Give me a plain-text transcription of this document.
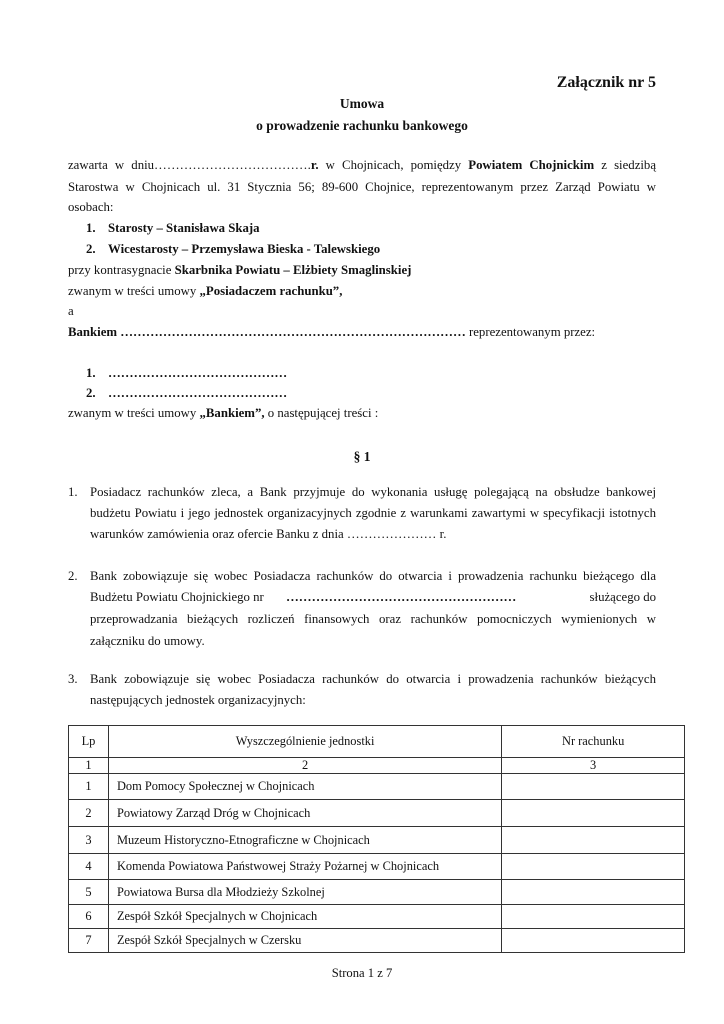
Załącznik nr 5
Umowa
o prowadzenie rachunku bankowego
zawarta w dniu……………………………….r. w Chojnicach, pomiędzy Powiatem Chojnickim z siedzibą
Starostwa w Chojnicach ul. 31 Stycznia 56; 89-600 Chojnice, reprezentowanym przez Zarząd Powiatu w
osobach:
1. Starosty – Stanisława Skaja
2. Wicestarosty – Przemysława Bieska - Talewskiego
przy kontrasygnacie Skarbnika Powiatu – Elżbiety Smaglinskiej
zwanym w treści umowy „Posiadaczem rachunku”,
a
Bankiem ……………………………………………………………………… reprezentowanym przez:
1. ……………………………………
2. ……………………………………
zwanym w treści umowy „Bankiem”, o następującej treści :
§ 1
1. Posiadacz rachunków zleca, a Bank przyjmuje do wykonania usługę polegającą na obsłudze bankowej
budżetu Powiatu i jego jednostek organizacyjnych zgodnie z warunkami zawartymi w specyfikacji istotnych
warunków zamówienia oraz ofercie Banku z dnia ………………… r.
2. Bank zobowiązuje się wobec Posiadacza rachunków do otwarcia i prowadzenia rachunku bieżącego dla
Budżetu Powiatu Chojnickiego nr ………………………………………………	służącego do
przeprowadzania bieżących rozliczeń finansowych oraz rachunków pomocniczych wymienionych w
załączniku do umowy.
3. Bank zobowiązuje się wobec Posiadacza rachunków do otwarcia i prowadzenia rachunków bieżących
następujących jednostek organizacyjnych:
Lp	Wyszczególnienie jednostki	Nr rachunku
1	2	3
1	Dom Pomocy Społecznej w Chojnicach	
2	Powiatowy Zarząd Dróg w Chojnicach	
3	Muzeum Historyczno-Etnograficzne w Chojnicach	
4	Komenda Powiatowa Państwowej Straży Pożarnej w Chojnicach	
5	Powiatowa Bursa dla Młodzieży Szkolnej	
6	Zespół Szkół Specjalnych w Chojnicach	
7	Zespół Szkół Specjalnych w Czersku	
Strona 1 z 7
